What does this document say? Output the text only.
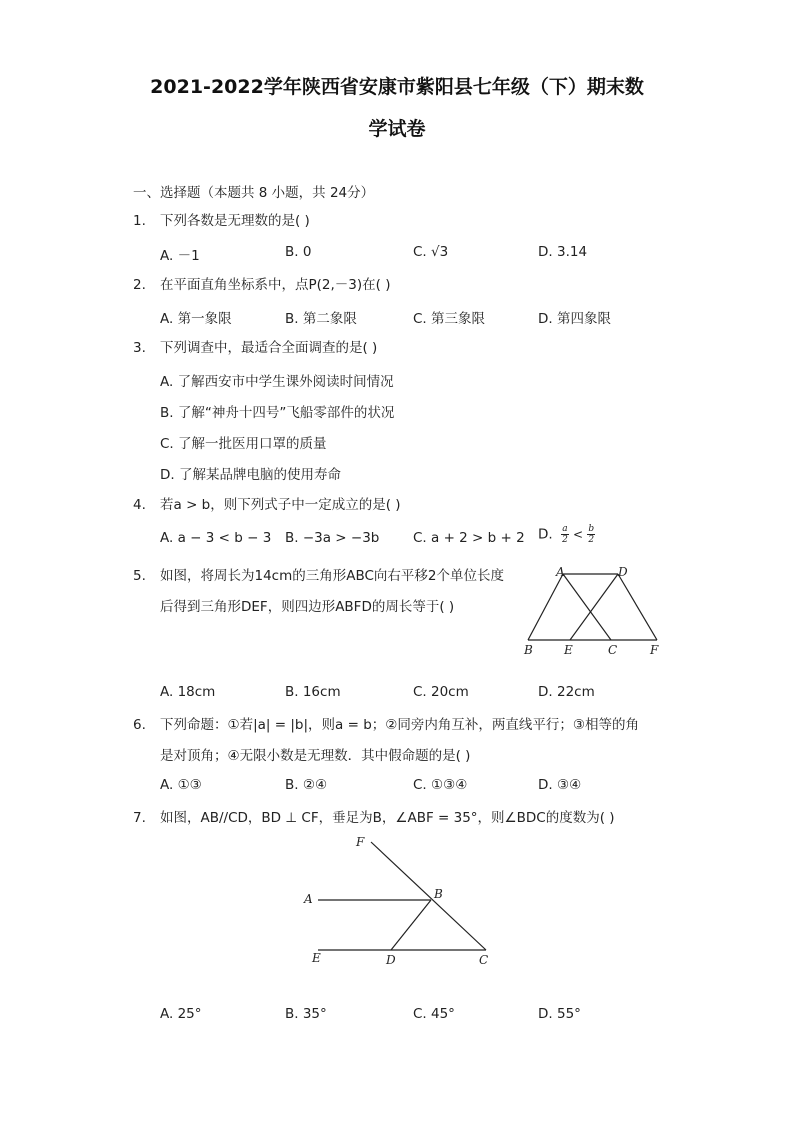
2021-2022学年陕西省安康市紫阳县七年级（下）期末数
学试卷
一、选择题（本题共 8 小题，共 24分）
1. 下列各数是无理数的是( )
A. －1	B. 0	C. √3	D. 3.14
2. 在平面直角坐标系中，点P(2,－3)在( )
A. 第一象限	B. 第二象限	C. 第三象限	D. 第四象限
3. 下列调查中，最适合全面调查的是( )
A. 了解西安市中学生课外阅读时间情况
B. 了解“神舟十四号”飞船零部件的状况
C. 了解一批医用口罩的质量
D. 了解某品牌电脑的使用寿命
4. 若a > b，则下列式子中一定成立的是( )
A. a − 3 < b − 3 B. −3a > −3b C. a + 2 > b + 2 D. $\frac{a}{2} < \frac{b}{2}$
5. 如图，将周长为14cm的三角形ABC向右平移2个单位长度
后得到三角形DEF，则四边形ABFD的周长等于( )
A	D
B	E	C	F
A. 18cm	B. 16cm	C. 20cm	D. 22cm
6. 下列命题：①若|a| = |b|，则a = b；②同旁内角互补，两直线平行；③相等的角
是对顶角；④无限小数是无理数．其中假命题的是( )
A. ①③	B. ②④	C. ①③④	D. ③④
7. 如图，AB//CD，BD ⊥ CF，垂足为B，∠ABF = 35°，则∠BDC的度数为( )
F
A	B
E	D	C
A. 25°	B. 35°	C. 45°	D. 55°
